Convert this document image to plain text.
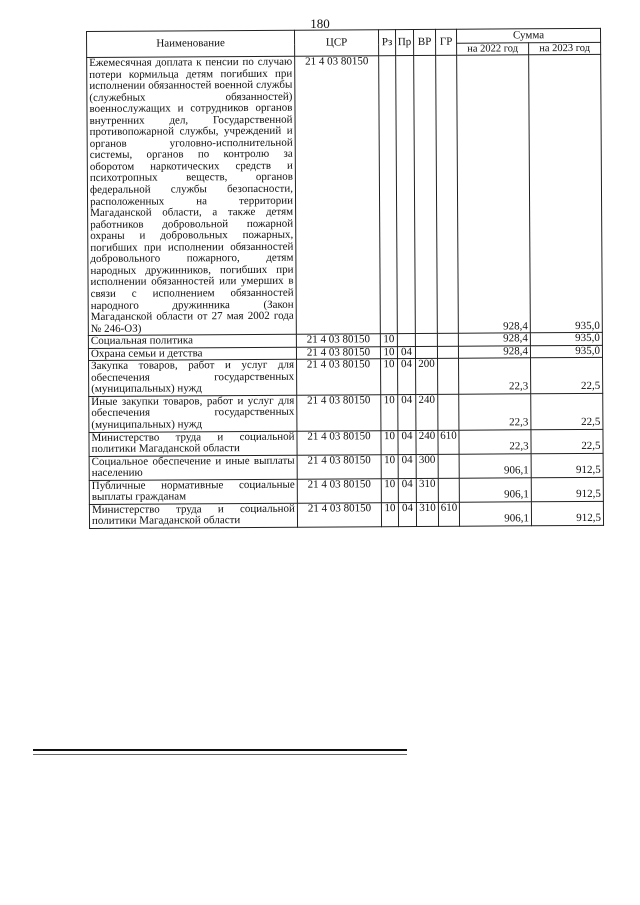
180
Наименование	ЦСР	Рз	Пр	ВР	ГР	Сумма	
						на 2022 год	на 2023 год
Ежемесячная доплата к пенсии по случаю потери кормильца детям погибших при исполнении обязанностей военной службы (служебных обязанностей) военнослужащих и сотрудников органов внутренних дел, Государственной противопожарной службы, учреждений и органов уголовно-исполнительной системы, органов по контролю за оборотом наркотических средств и психотропных веществ, органов федеральной службы безопасности, расположенных на территории Магаданской области, а также детям работников добровольной пожарной охраны и добровольных пожарных, погибших при исполнении обязанностей добровольного пожарного, детям народных дружинников, погибших при исполнении обязанностей или умерших в связи с исполнением обязанностей народного дружинника (Закон Магаданской области от 27 мая 2002 года № 246-ОЗ)	21 4 03 80150					928,4	935,0
Социальная политика	21 4 03 80150	10				928,4	935,0
Охрана семьи и детства	21 4 03 80150	10	04			928,4	935,0
Закупка товаров, работ и услуг для обеспечения государственных (муниципальных) нужд	21 4 03 80150	10	04	200		22,3	22,5
Иные закупки товаров, работ и услуг для обеспечения государственных (муниципальных) нужд	21 4 03 80150	10	04	240		22,3	22,5
Министерство труда и социальной политики Магаданской области	21 4 03 80150	10	04	240	610	22,3	22,5
Социальное обеспечение и иные выплаты населению	21 4 03 80150	10	04	300		906,1	912,5
Публичные нормативные социальные выплаты гражданам	21 4 03 80150	10	04	310		906,1	912,5
Министерство труда и социальной политики Магаданской области	21 4 03 80150	10	04	310	610	906,1	912,5
